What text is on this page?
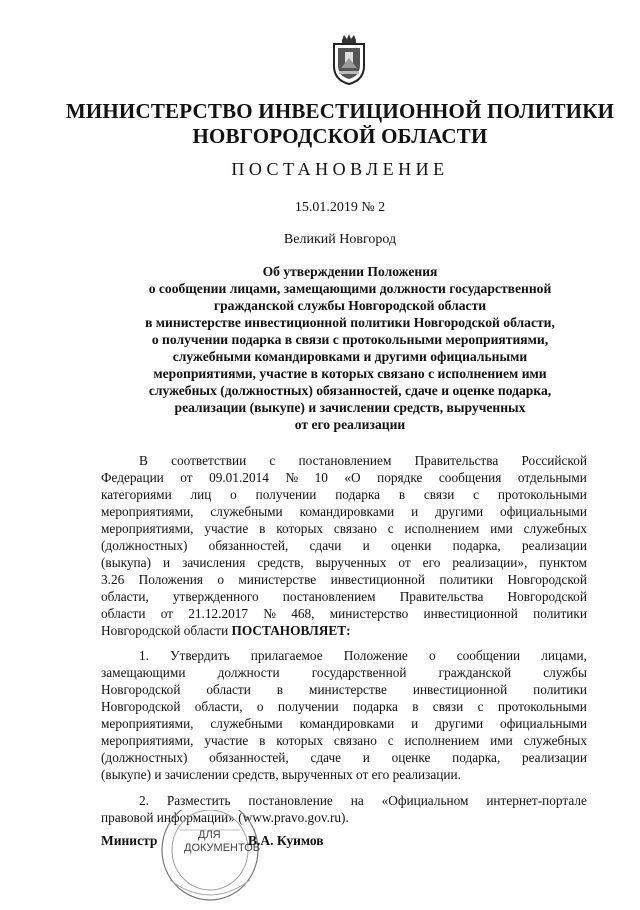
МИНИСТЕРСТВО ИНВЕСТИЦИОННОЙ ПОЛИТИКИ
НОВГОРОДСКОЙ ОБЛАСТИ
ПОСТАНОВЛЕНИЕ
15.01.2019 № 2
Великий Новгород
Об утверждении Положения
о сообщении лицами, замещающими должности государственной
гражданской службы Новгородской области
в министерстве инвестиционной политики Новгородской области,
о получении подарка в связи с протокольными мероприятиями,
служебными командировками и другими официальными
мероприятиями, участие в которых связано с исполнением ими
служебных (должностных) обязанностей, сдаче и оценке подарка,
реализации (выкупе) и зачислении средств, вырученных
от его реализации
В соответствии с постановлением Правительства Российской
Федерации от 09.01.2014 № 10 «О порядке сообщения отдельными
категориями лиц о получении подарка в связи с протокольными
мероприятиями, служебными командировками и другими официальными
мероприятиями, участие в которых связано с исполнением ими служебных
(должностных) обязанностей, сдачи и оценки подарка, реализации
(выкупа) и зачисления средств, вырученных от его реализации», пунктом
3.26 Положения о министерстве инвестиционной политики Новгородской
области, утвержденного постановлением Правительства Новгородской
области от 21.12.2017 № 468, министерство инвестиционной политики
Новгородской области ПОСТАНОВЛЯЕТ:
1. Утвердить прилагаемое Положение о сообщении лицами,
замещающими должности государственной гражданской службы
Новгородской области в министерстве инвестиционной политики
Новгородской области, о получении подарка в связи с протокольными
мероприятиями, служебными командировками и другими официальными
мероприятиями, участие в которых связано с исполнением ими служебных
(должностных) обязанностей, сдаче и оценке подарка, реализации
(выкупе) и зачислении средств, вырученных от его реализации.
2. Разместить постановление на «Официальном интернет-портале
правовой информации» (www.pravo.gov.ru).
ДЛЯ
ДОКУМЕНТОВ
Министр	В.А. Куимов
